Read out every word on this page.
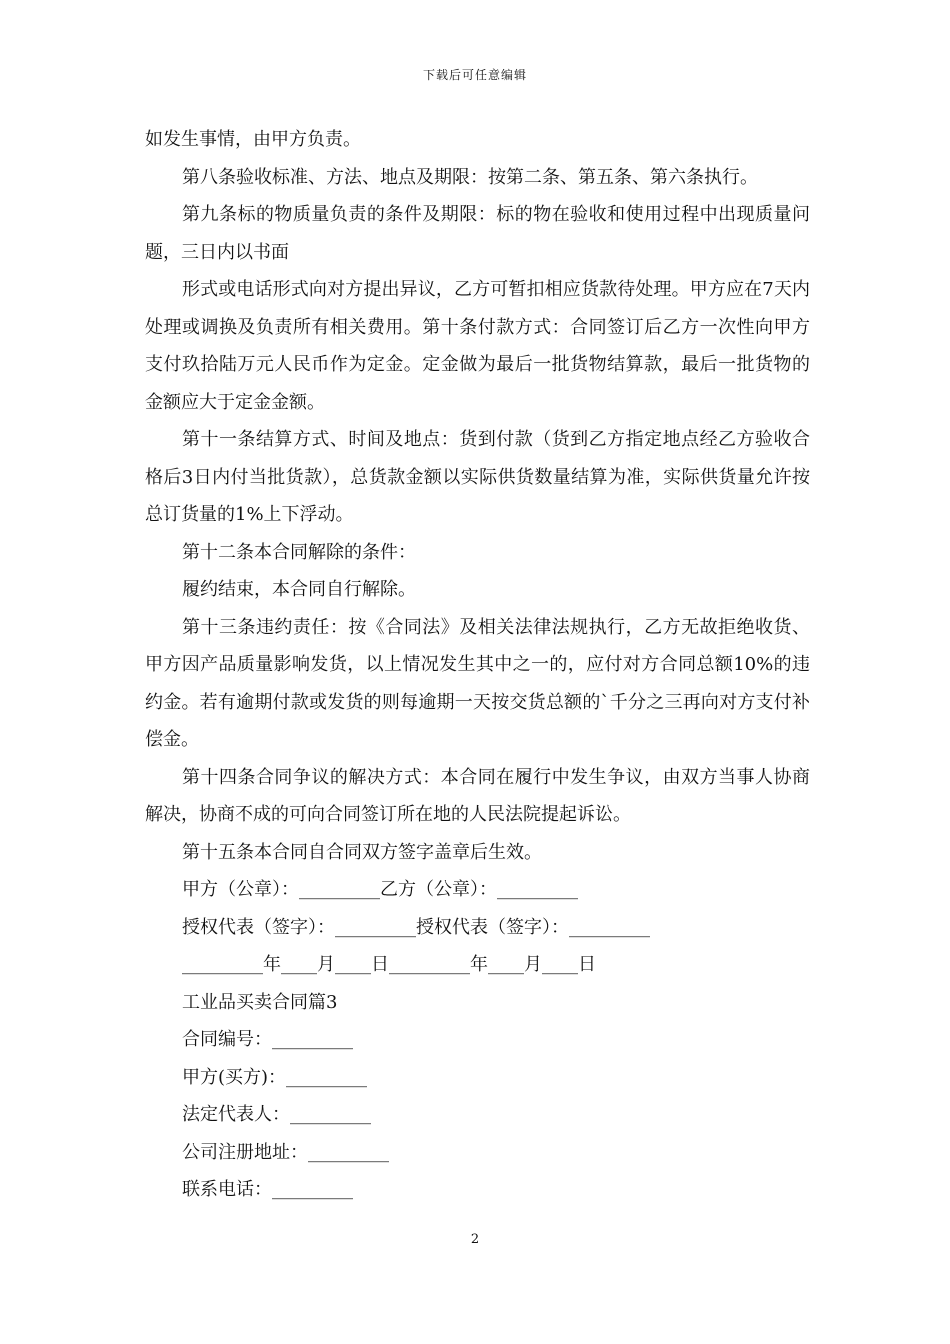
下载后可任意编辑

如发生事情，由甲方负责。

第八条验收标准、方法、地点及期限：按第二条、第五条、第六条执行。

第九条标的物质量负责的条件及期限：标的物在验收和使用过程中出现质量问题，三日内以书面

形式或电话形式向对方提出异议，乙方可暂扣相应货款待处理。甲方应在7天内处理或调换及负责所有相关费用。第十条付款方式：合同签订后乙方一次性向甲方支付玖拾陆万元人民币作为定金。定金做为最后一批货物结算款，最后一批货物的金额应大于定金金额。

第十一条结算方式、时间及地点：货到付款（货到乙方指定地点经乙方验收合格后3日内付当批货款），总货款金额以实际供货数量结算为准，实际供货量允许按总订货量的1%上下浮动。

第十二条本合同解除的条件：

履约结束，本合同自行解除。

第十三条违约责任：按《合同法》及相关法律法规执行，乙方无故拒绝收货、甲方因产品质量影响发货，以上情况发生其中之一的，应付对方合同总额10%的违约金。若有逾期付款或发货的则每逾期一天按交货总额的`千分之三再向对方支付补偿金。

第十四条合同争议的解决方式：本合同在履行中发生争议，由双方当事人协商解决，协商不成的可向合同签订所在地的人民法院提起诉讼。

第十五条本合同自合同双方签字盖章后生效。

甲方（公章）：_________乙方（公章）：_________

授权代表（签字）：_________授权代表（签字）：_________

_________年____月____日_________年____月____日

工业品买卖合同篇3

合同编号：_________

甲方(买方)：_________

法定代表人：_________

公司注册地址：_________

联系电话：_________

2
